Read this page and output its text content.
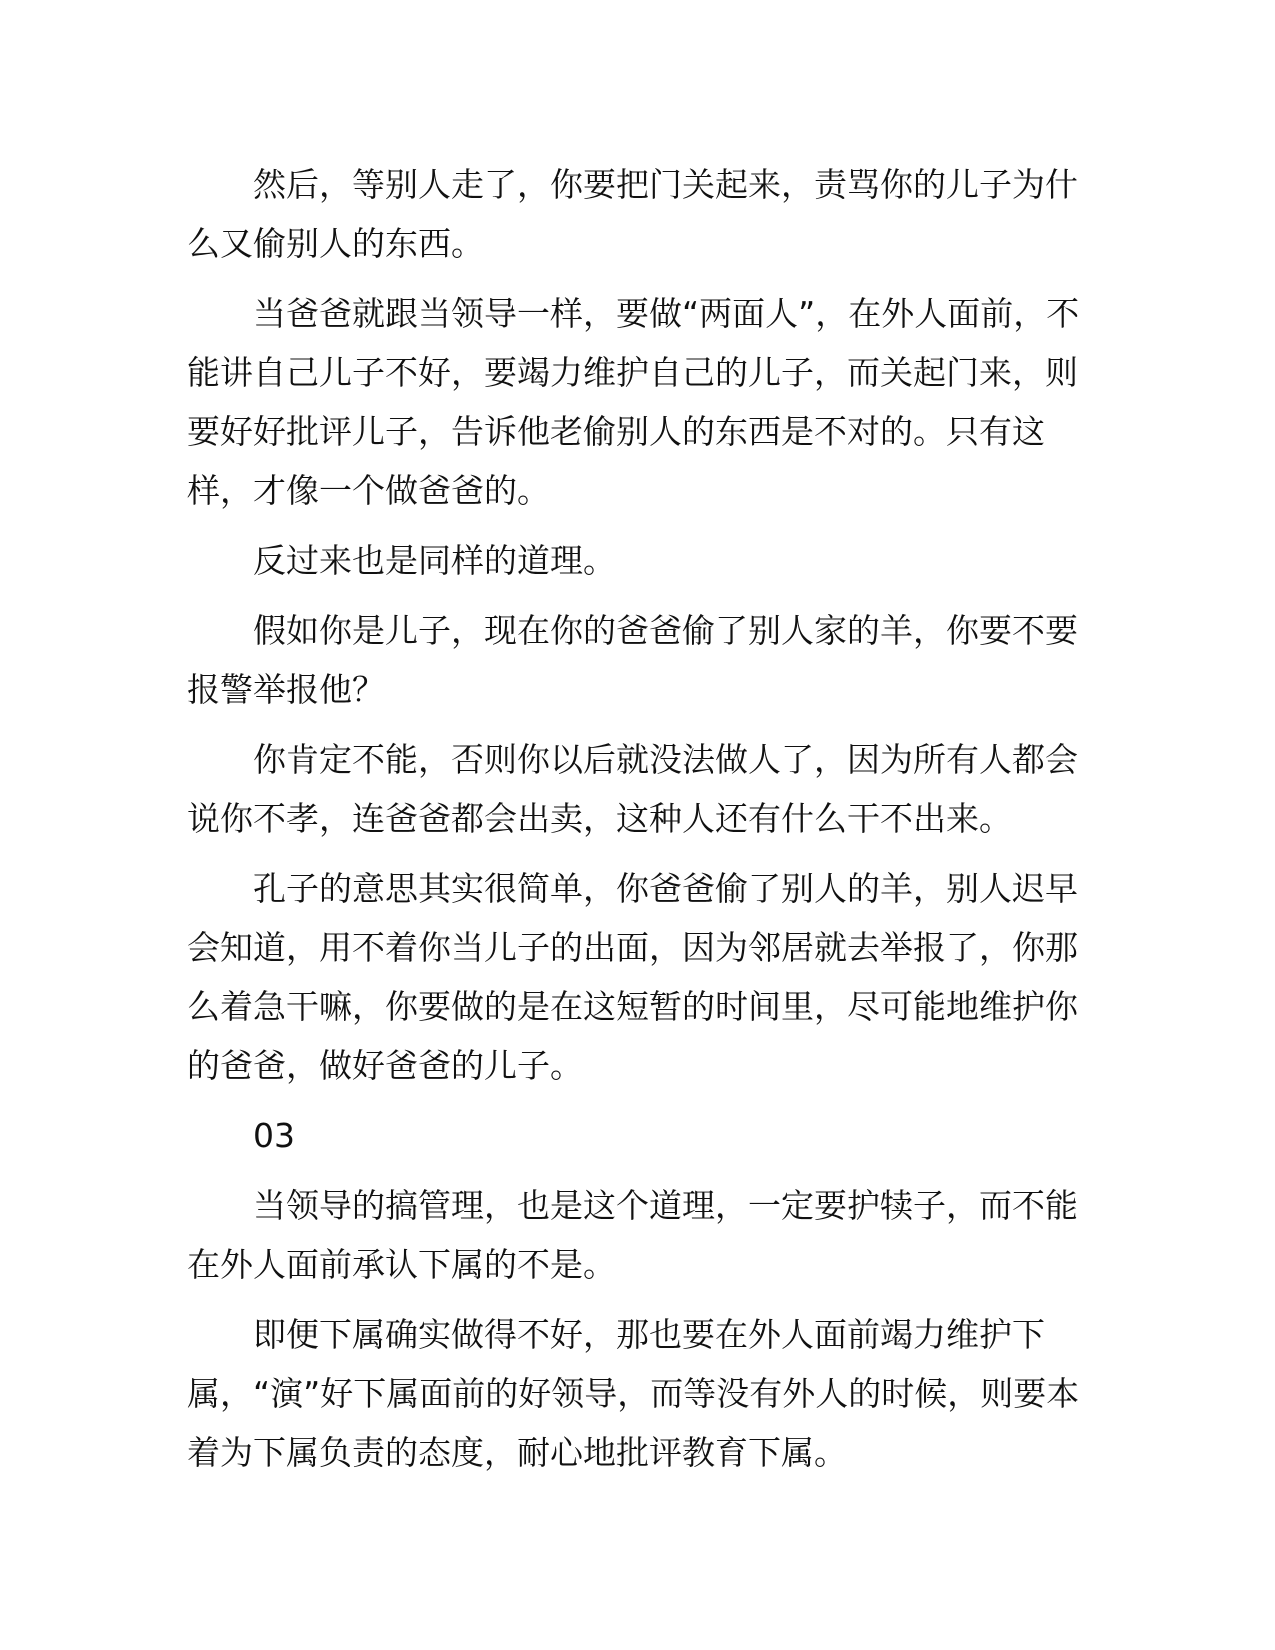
然后，等别人走了，你要把门关起来，责骂你的儿子为什么又偷别人的东西。

当爸爸就跟当领导一样，要做“两面人”，在外人面前，不能讲自己儿子不好，要竭力维护自己的儿子，而关起门来，则要好好批评儿子，告诉他老偷别人的东西是不对的。只有这样，才像一个做爸爸的。

反过来也是同样的道理。

假如你是儿子，现在你的爸爸偷了别人家的羊，你要不要报警举报他？

你肯定不能，否则你以后就没法做人了，因为所有人都会说你不孝，连爸爸都会出卖，这种人还有什么干不出来。

孔子的意思其实很简单，你爸爸偷了别人的羊，别人迟早会知道，用不着你当儿子的出面，因为邻居就去举报了，你那么着急干嘛，你要做的是在这短暂的时间里，尽可能地维护你的爸爸，做好爸爸的儿子。

03

当领导的搞管理，也是这个道理，一定要护犊子，而不能在外人面前承认下属的不是。

即便下属确实做得不好，那也要在外人面前竭力维护下属，“演”好下属面前的好领导，而等没有外人的时候，则要本着为下属负责的态度，耐心地批评教育下属。
